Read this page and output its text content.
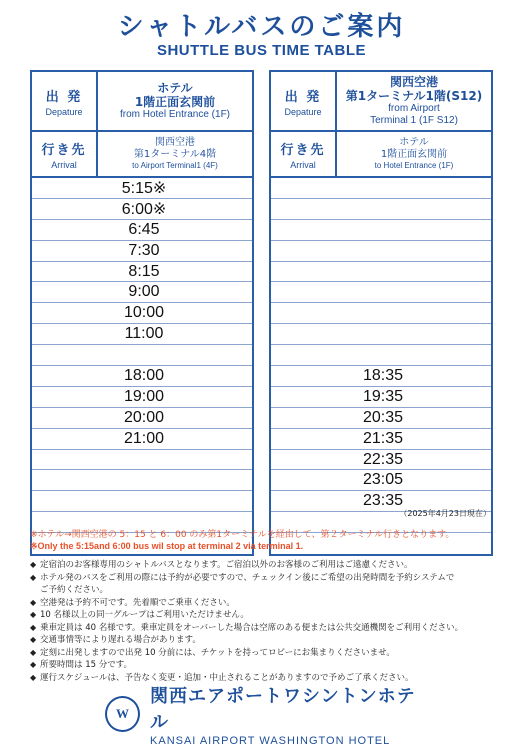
シャトルバスのご案内
SHUTTLE BUS TIME TABLE
出 発
Depature
ホテル
1階正面玄関前
from Hotel Entrance (1F)
行き先
Arrival
関西空港
第1ターミナル4階
to Airport Terminal1 (4F)
5:15※
6:00※
6:45
7:30
8:15
9:00
10:00
11:00
18:00
19:00
20:00
21:00
出 発
Depature
関西空港
第1ターミナル1階(S12)
from Airport
Terminal 1 (1F S12)
行き先
Arrival
ホテル
1階正面玄関前
to Hotel Entrance (1F)
18:35
19:35
20:35
21:35
22:35
23:05
23:35
（2025年4月23日現在）
※ホテル→関西空港の 5：15 と 6：00 のみ第1ターミナルを経由して、第２ターミナル行きとなります。
※Only the 5:15and 6:00 bus wil stop at terminal 2 via terminal 1.
◆ 定宿泊のお客様専用のシャトルバスとなります。ご宿泊以外のお客様のご利用はご遠慮ください。
◆ ホテル発のバスをご利用の際には予約が必要ですので、チェックイン後にご希望の出発時間を予約システムで
ご予約ください。
◆ 空港発は予約不可です。先着順でご乗車ください。
◆ 10 名様以上の同一グループはご利用いただけません。
◆ 乗車定員は 40 名様です。乗車定員をオーバーした場合は空席のある便または公共交通機関をご利用ください。
◆ 交通事情等により遅れる場合があります。
◆ 定刻に出発しますので出発 10 分前には、チケットを持ってロビーにお集まりくださいませ。
◆ 所要時間は 15 分です。
◆ 運行スケジュールは、予告なく変更・追加・中止されることがありますので予めご了承ください。
W
関西エアポートワシントンホテル
KANSAI AIRPORT WASHINGTON HOTEL
